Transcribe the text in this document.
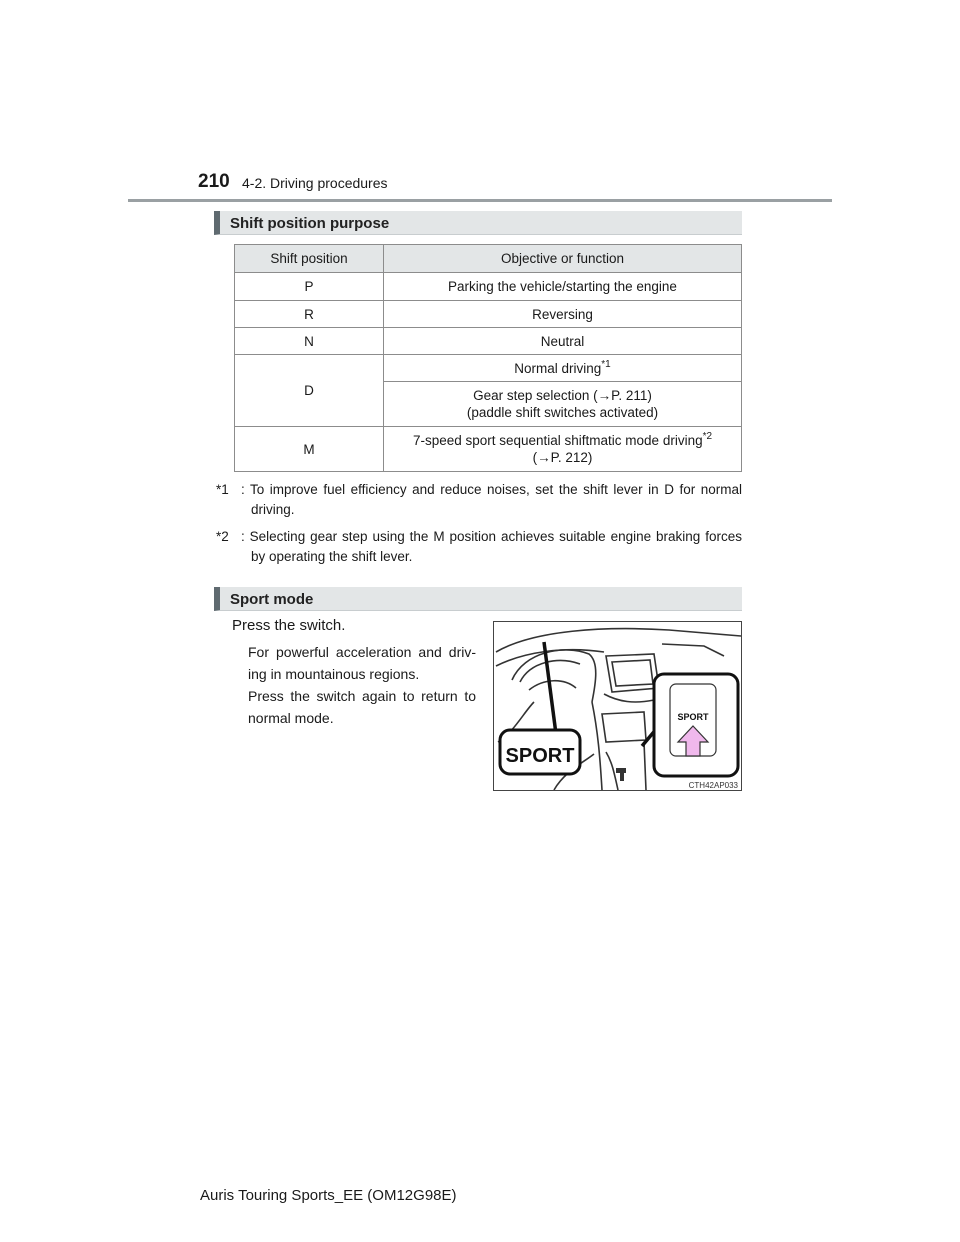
210 4-2. Driving procedures
Shift position purpose
Shift position	Objective or function
P	Parking the vehicle/starting the engine
R	Reversing
N	Neutral
D	Normal driving$^{*1}$

	Gear step selection (→P. 211)
(paddle shift switches activated)

M	7-speed sport sequential shiftmatic mode driving$^{*2}$
(→P. 212)
*1 : To improve fuel efficiency and reduce noises, set the shift lever in D for normal driving.
*2 : Selecting gear step using the M position achieves suitable engine braking forces by operating the shift lever.
Sport mode
Press the switch.
For powerful acceleration and driv-ing in mountainous regions.
Press the switch again to return to normal mode.
SPORT
SPORT
CTH42AP033
Auris Touring Sports_EE (OM12G98E)
